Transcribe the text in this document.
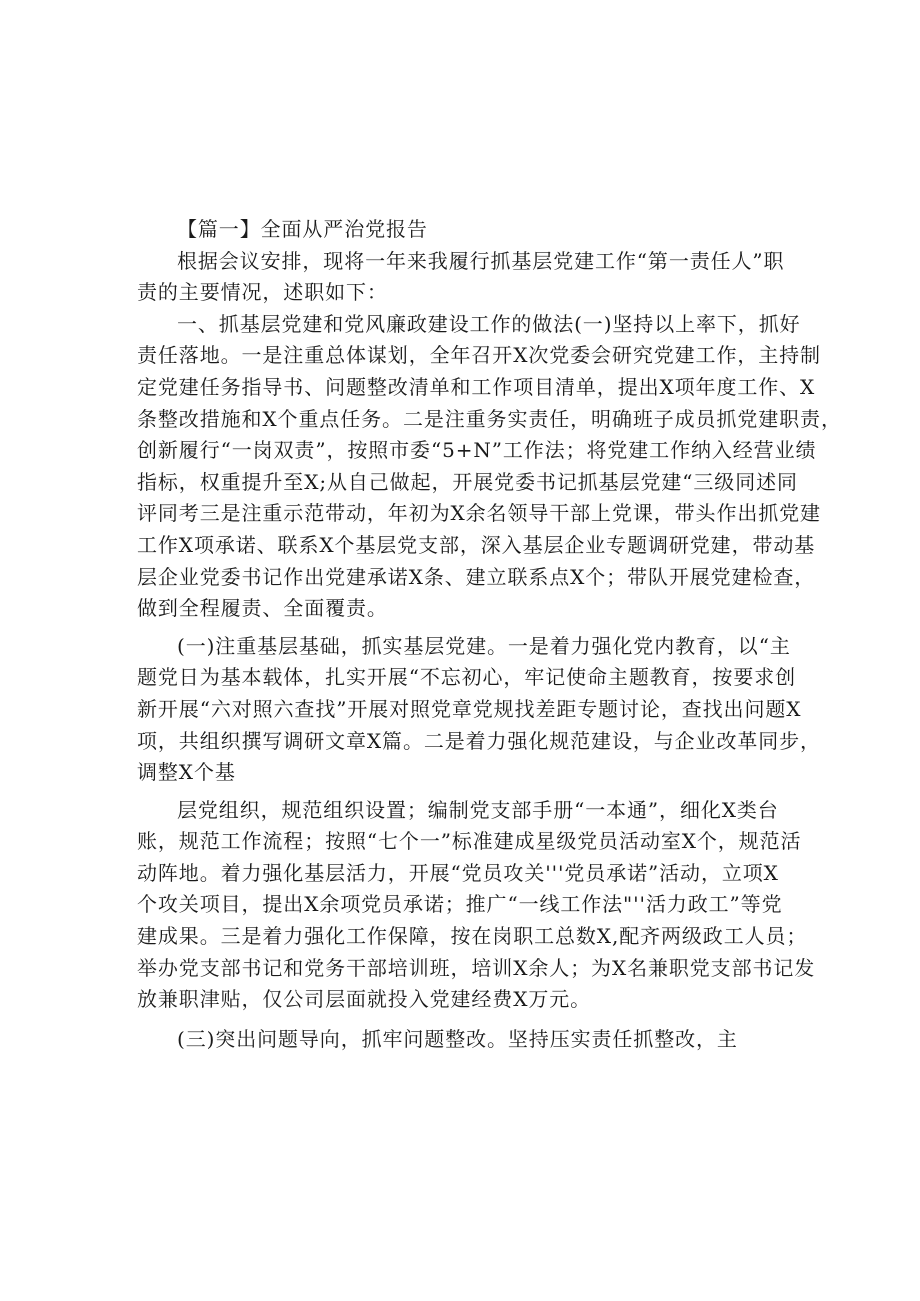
【篇一】全面从严治党报告
根据会议安排，现将一年来我履行抓基层党建工作“第一责任人”职
责的主要情况，述职如下：
一、抓基层党建和党风廉政建设工作的做法(一)坚持以上率下，抓好
责任落地。一是注重总体谋划，全年召开X次党委会研究党建工作，主持制
定党建任务指导书、问题整改清单和工作项目清单，提出X项年度工作、X
条整改措施和X个重点任务。二是注重务实责任，明确班子成员抓党建职责，
创新履行“一岗双责”，按照市委“5+N”工作法；将党建工作纳入经营业绩
指标，权重提升至X;从自己做起，开展党委书记抓基层党建“三级同述同
评同考三是注重示范带动，年初为X余名领导干部上党课，带头作出抓党建
工作X项承诺、联系X个基层党支部，深入基层企业专题调研党建，带动基
层企业党委书记作出党建承诺X条、建立联系点X个；带队开展党建检查，
做到全程履责、全面覆责。
(一)注重基层基础，抓实基层党建。一是着力强化党内教育，以“主
题党日为基本载体，扎实开展“不忘初心，牢记使命主题教育，按要求创
新开展“六对照六查找”开展对照党章党规找差距专题讨论，查找出问题X
项，共组织撰写调研文章X篇。二是着力强化规范建设，与企业改革同步，
调整X个基
层党组织，规范组织设置；编制党支部手册“一本通”，细化X类台
账，规范工作流程；按照“七个一”标准建成星级党员活动室X个，规范活
动阵地。着力强化基层活力，开展“党员攻关'''党员承诺”活动，立项X
个攻关项目，提出X余项党员承诺；推广“一线工作法"''活力政工”等党
建成果。三是着力强化工作保障，按在岗职工总数X,配齐两级政工人员；
举办党支部书记和党务干部培训班，培训X余人；为X名兼职党支部书记发
放兼职津贴，仅公司层面就投入党建经费X万元。
(三)突出问题导向，抓牢问题整改。坚持压实责任抓整改，主
